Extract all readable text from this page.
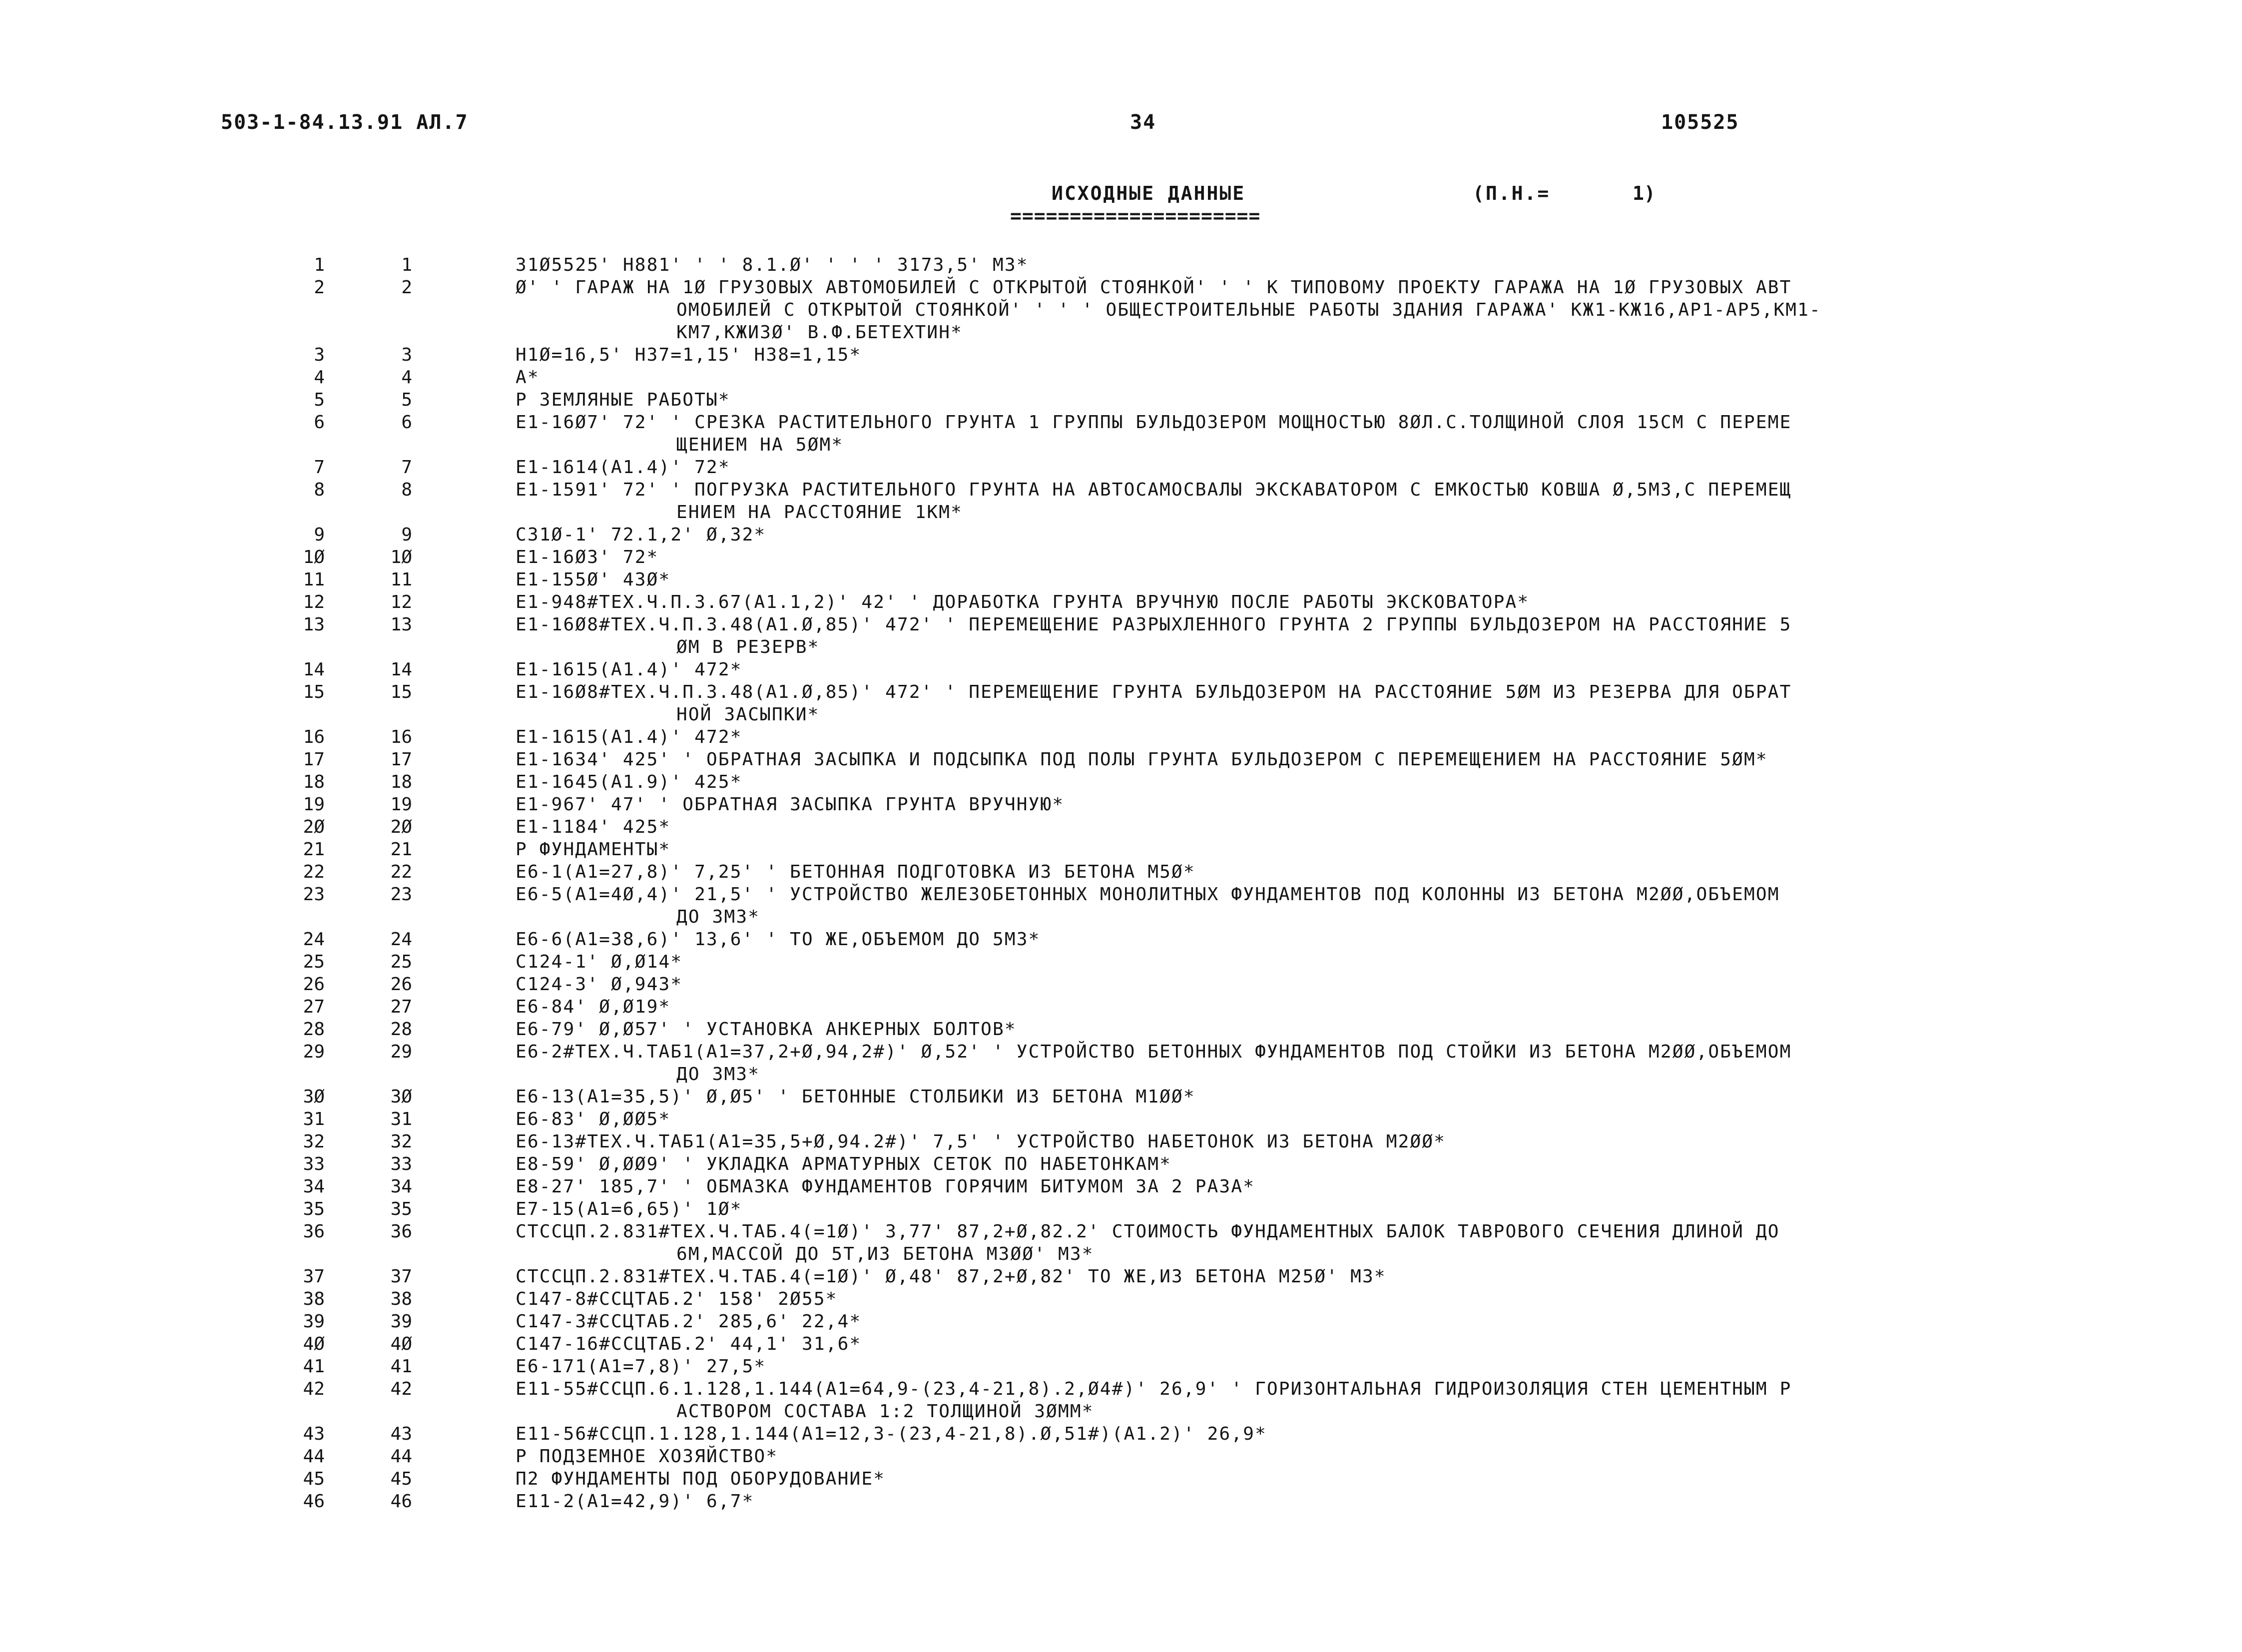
503-1-84.13.91 АЛ.7	34	105525
ИСХОДНЫЕ ДАННЫЕ	(П.Н.=	1)
=====================
1	1	31Ø5525' Н881' ' ' 8.1.Ø' ' ' ' 3173,5' М3*
2	2	Ø' ' ГАРАЖ НА 1Ø ГРУЗОВЫХ АВТОМОБИЛЕЙ С ОТКРЫТОЙ СТОЯНКОЙ' ' ' К ТИПОВОМУ ПРОЕКТУ ГАРАЖА НА 1Ø ГРУЗОВЫХ АВТ
ОМОБИЛЕЙ С ОТКРЫТОЙ СТОЯНКОЙ' ' ' ' ОБЩЕСТРОИТЕЛЬНЫЕ РАБОТЫ ЗДАНИЯ ГАРАЖА' КЖ1-КЖ16,АР1-АР5,КМ1-
КМ7,КЖИ3Ø' В.Ф.БЕТЕХТИН*
3	3	Н1Ø=16,5' Н37=1,15' Н38=1,15*
4	4	А*
5	5	Р ЗЕМЛЯНЫЕ РАБОТЫ*
6	6	Е1-16Ø7' 72' ' СРЕЗКА РАСТИТЕЛЬНОГО ГРУНТА 1 ГРУППЫ БУЛЬДОЗЕРОМ МОЩНОСТЬЮ 8ØЛ.С.ТОЛЩИНОЙ СЛОЯ 15СМ С ПЕРЕМЕ
ЩЕНИЕМ НА 5ØМ*
7	7	Е1-1614(А1.4)' 72*
8	8	Е1-1591' 72' ' ПОГРУЗКА РАСТИТЕЛЬНОГО ГРУНТА НА АВТОСАМОСВАЛЫ ЭКСКАВАТОРОМ С ЕМКОСТЬЮ КОВША Ø,5М3,С ПЕРЕМЕЩ
ЕНИЕМ НА РАССТОЯНИЕ 1КМ*
9	9	С31Ø-1' 72.1,2' Ø,32*
1Ø	1Ø	Е1-16Ø3' 72*
11	11	Е1-155Ø' 43Ø*
12	12	Е1-948#ТЕХ.Ч.П.3.67(А1.1,2)' 42' ' ДОРАБОТКА ГРУНТА ВРУЧНУЮ ПОСЛЕ РАБОТЫ ЭКСКОВАТОРА*
13	13	Е1-16Ø8#ТЕХ.Ч.П.3.48(А1.Ø,85)' 472' ' ПЕРЕМЕЩЕНИЕ РАЗРЫХЛЕННОГО ГРУНТА 2 ГРУППЫ БУЛЬДОЗЕРОМ НА РАССТОЯНИЕ 5
ØМ В РЕЗЕРВ*
14	14	Е1-1615(А1.4)' 472*
15	15	Е1-16Ø8#ТЕХ.Ч.П.3.48(А1.Ø,85)' 472' ' ПЕРЕМЕЩЕНИЕ ГРУНТА БУЛЬДОЗЕРОМ НА РАССТОЯНИЕ 5ØМ ИЗ РЕЗЕРВА ДЛЯ ОБРАТ
НОЙ ЗАСЫПКИ*
16	16	Е1-1615(А1.4)' 472*
17	17	Е1-1634' 425' ' ОБРАТНАЯ ЗАСЫПКА И ПОДСЫПКА ПОД ПОЛЫ ГРУНТА БУЛЬДОЗЕРОМ С ПЕРЕМЕЩЕНИЕМ НА РАССТОЯНИЕ 5ØМ*
18	18	Е1-1645(А1.9)' 425*
19	19	Е1-967' 47' ' ОБРАТНАЯ ЗАСЫПКА ГРУНТА ВРУЧНУЮ*
2Ø	2Ø	Е1-1184' 425*
21	21	Р ФУНДАМЕНТЫ*
22	22	Е6-1(А1=27,8)' 7,25' ' БЕТОННАЯ ПОДГОТОВКА ИЗ БЕТОНА М5Ø*
23	23	Е6-5(А1=4Ø,4)' 21,5' ' УСТРОЙСТВО ЖЕЛЕЗОБЕТОННЫХ МОНОЛИТНЫХ ФУНДАМЕНТОВ ПОД КОЛОННЫ ИЗ БЕТОНА М2ØØ,ОБЪЕМОМ
ДО 3М3*
24	24	Е6-6(А1=38,6)' 13,6' ' ТО ЖЕ,ОБЪЕМОМ ДО 5М3*
25	25	С124-1' Ø,Ø14*
26	26	С124-3' Ø,943*
27	27	Е6-84' Ø,Ø19*
28	28	Е6-79' Ø,Ø57' ' УСТАНОВКА АНКЕРНЫХ БОЛТОВ*
29	29	Е6-2#ТЕХ.Ч.ТАБ1(А1=37,2+Ø,94,2#)' Ø,52' ' УСТРОЙСТВО БЕТОННЫХ ФУНДАМЕНТОВ ПОД СТОЙКИ ИЗ БЕТОНА М2ØØ,ОБЪЕМОМ
ДО 3М3*
3Ø	3Ø	Е6-13(А1=35,5)' Ø,Ø5' ' БЕТОННЫЕ СТОЛБИКИ ИЗ БЕТОНА М1ØØ*
31	31	Е6-83' Ø,ØØ5*
32	32	Е6-13#ТЕХ.Ч.ТАБ1(А1=35,5+Ø,94.2#)' 7,5' ' УСТРОЙСТВО НАБЕТОНОК ИЗ БЕТОНА М2ØØ*
33	33	Е8-59' Ø,ØØ9' ' УКЛАДКА АРМАТУРНЫХ СЕТОК ПО НАБЕТОНКАМ*
34	34	Е8-27' 185,7' ' ОБМАЗКА ФУНДАМЕНТОВ ГОРЯЧИМ БИТУМОМ ЗА 2 РАЗА*
35	35	Е7-15(А1=6,65)' 1Ø*
36	36	СТССЦП.2.831#ТЕХ.Ч.ТАБ.4(=1Ø)' 3,77' 87,2+Ø,82.2' СТОИМОСТЬ ФУНДАМЕНТНЫХ БАЛОК ТАВРОВОГО СЕЧЕНИЯ ДЛИНОЙ ДО
6М,МАССОЙ ДО 5Т,ИЗ БЕТОНА М3ØØ' М3*
37	37	СТССЦП.2.831#ТЕХ.Ч.ТАБ.4(=1Ø)' Ø,48' 87,2+Ø,82' ТО ЖЕ,ИЗ БЕТОНА М25Ø' М3*
38	38	С147-8#ССЦТАБ.2' 158' 2Ø55*
39	39	С147-3#ССЦТАБ.2' 285,6' 22,4*
4Ø	4Ø	С147-16#ССЦТАБ.2' 44,1' 31,6*
41	41	Е6-171(А1=7,8)' 27,5*
42	42	Е11-55#ССЦП.6.1.128,1.144(А1=64,9-(23,4-21,8).2,Ø4#)' 26,9' ' ГОРИЗОНТАЛЬНАЯ ГИДРОИЗОЛЯЦИЯ СТЕН ЦЕМЕНТНЫМ Р
АСТВОРОМ СОСТАВА 1:2 ТОЛЩИНОЙ 3ØММ*
43	43	Е11-56#ССЦП.1.128,1.144(А1=12,3-(23,4-21,8).Ø,51#)(А1.2)' 26,9*
44	44	Р ПОДЗЕМНОЕ ХОЗЯЙСТВО*
45	45	П2 ФУНДАМЕНТЫ ПОД ОБОРУДОВАНИЕ*
46	46	Е11-2(А1=42,9)' 6,7*
